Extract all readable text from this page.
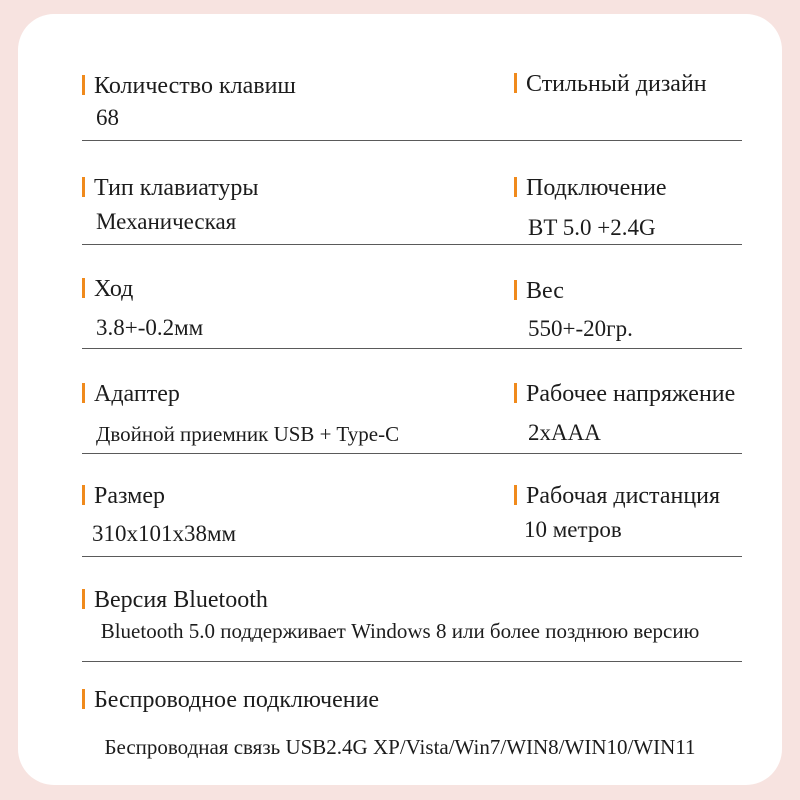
Количество клавиш
68
Стильный дизайн
Тип клавиатуры
Механическая
Подключение
BT 5.0 +2.4G
Ход
3.8+-0.2мм
Вес
550+-20гр.
Адаптер
Двойной приемник USB + Type-C
Рабочее напряжение
2xAAA
Размер
310x101x38мм
Рабочая дистанция
10 метров
Версия Bluetooth
Bluetooth 5.0 поддерживает Windows 8 или более позднюю версию
Беспроводное подключение
Беспроводная связь USB2.4G XP/Vista/Win7/WIN8/WIN10/WIN11
